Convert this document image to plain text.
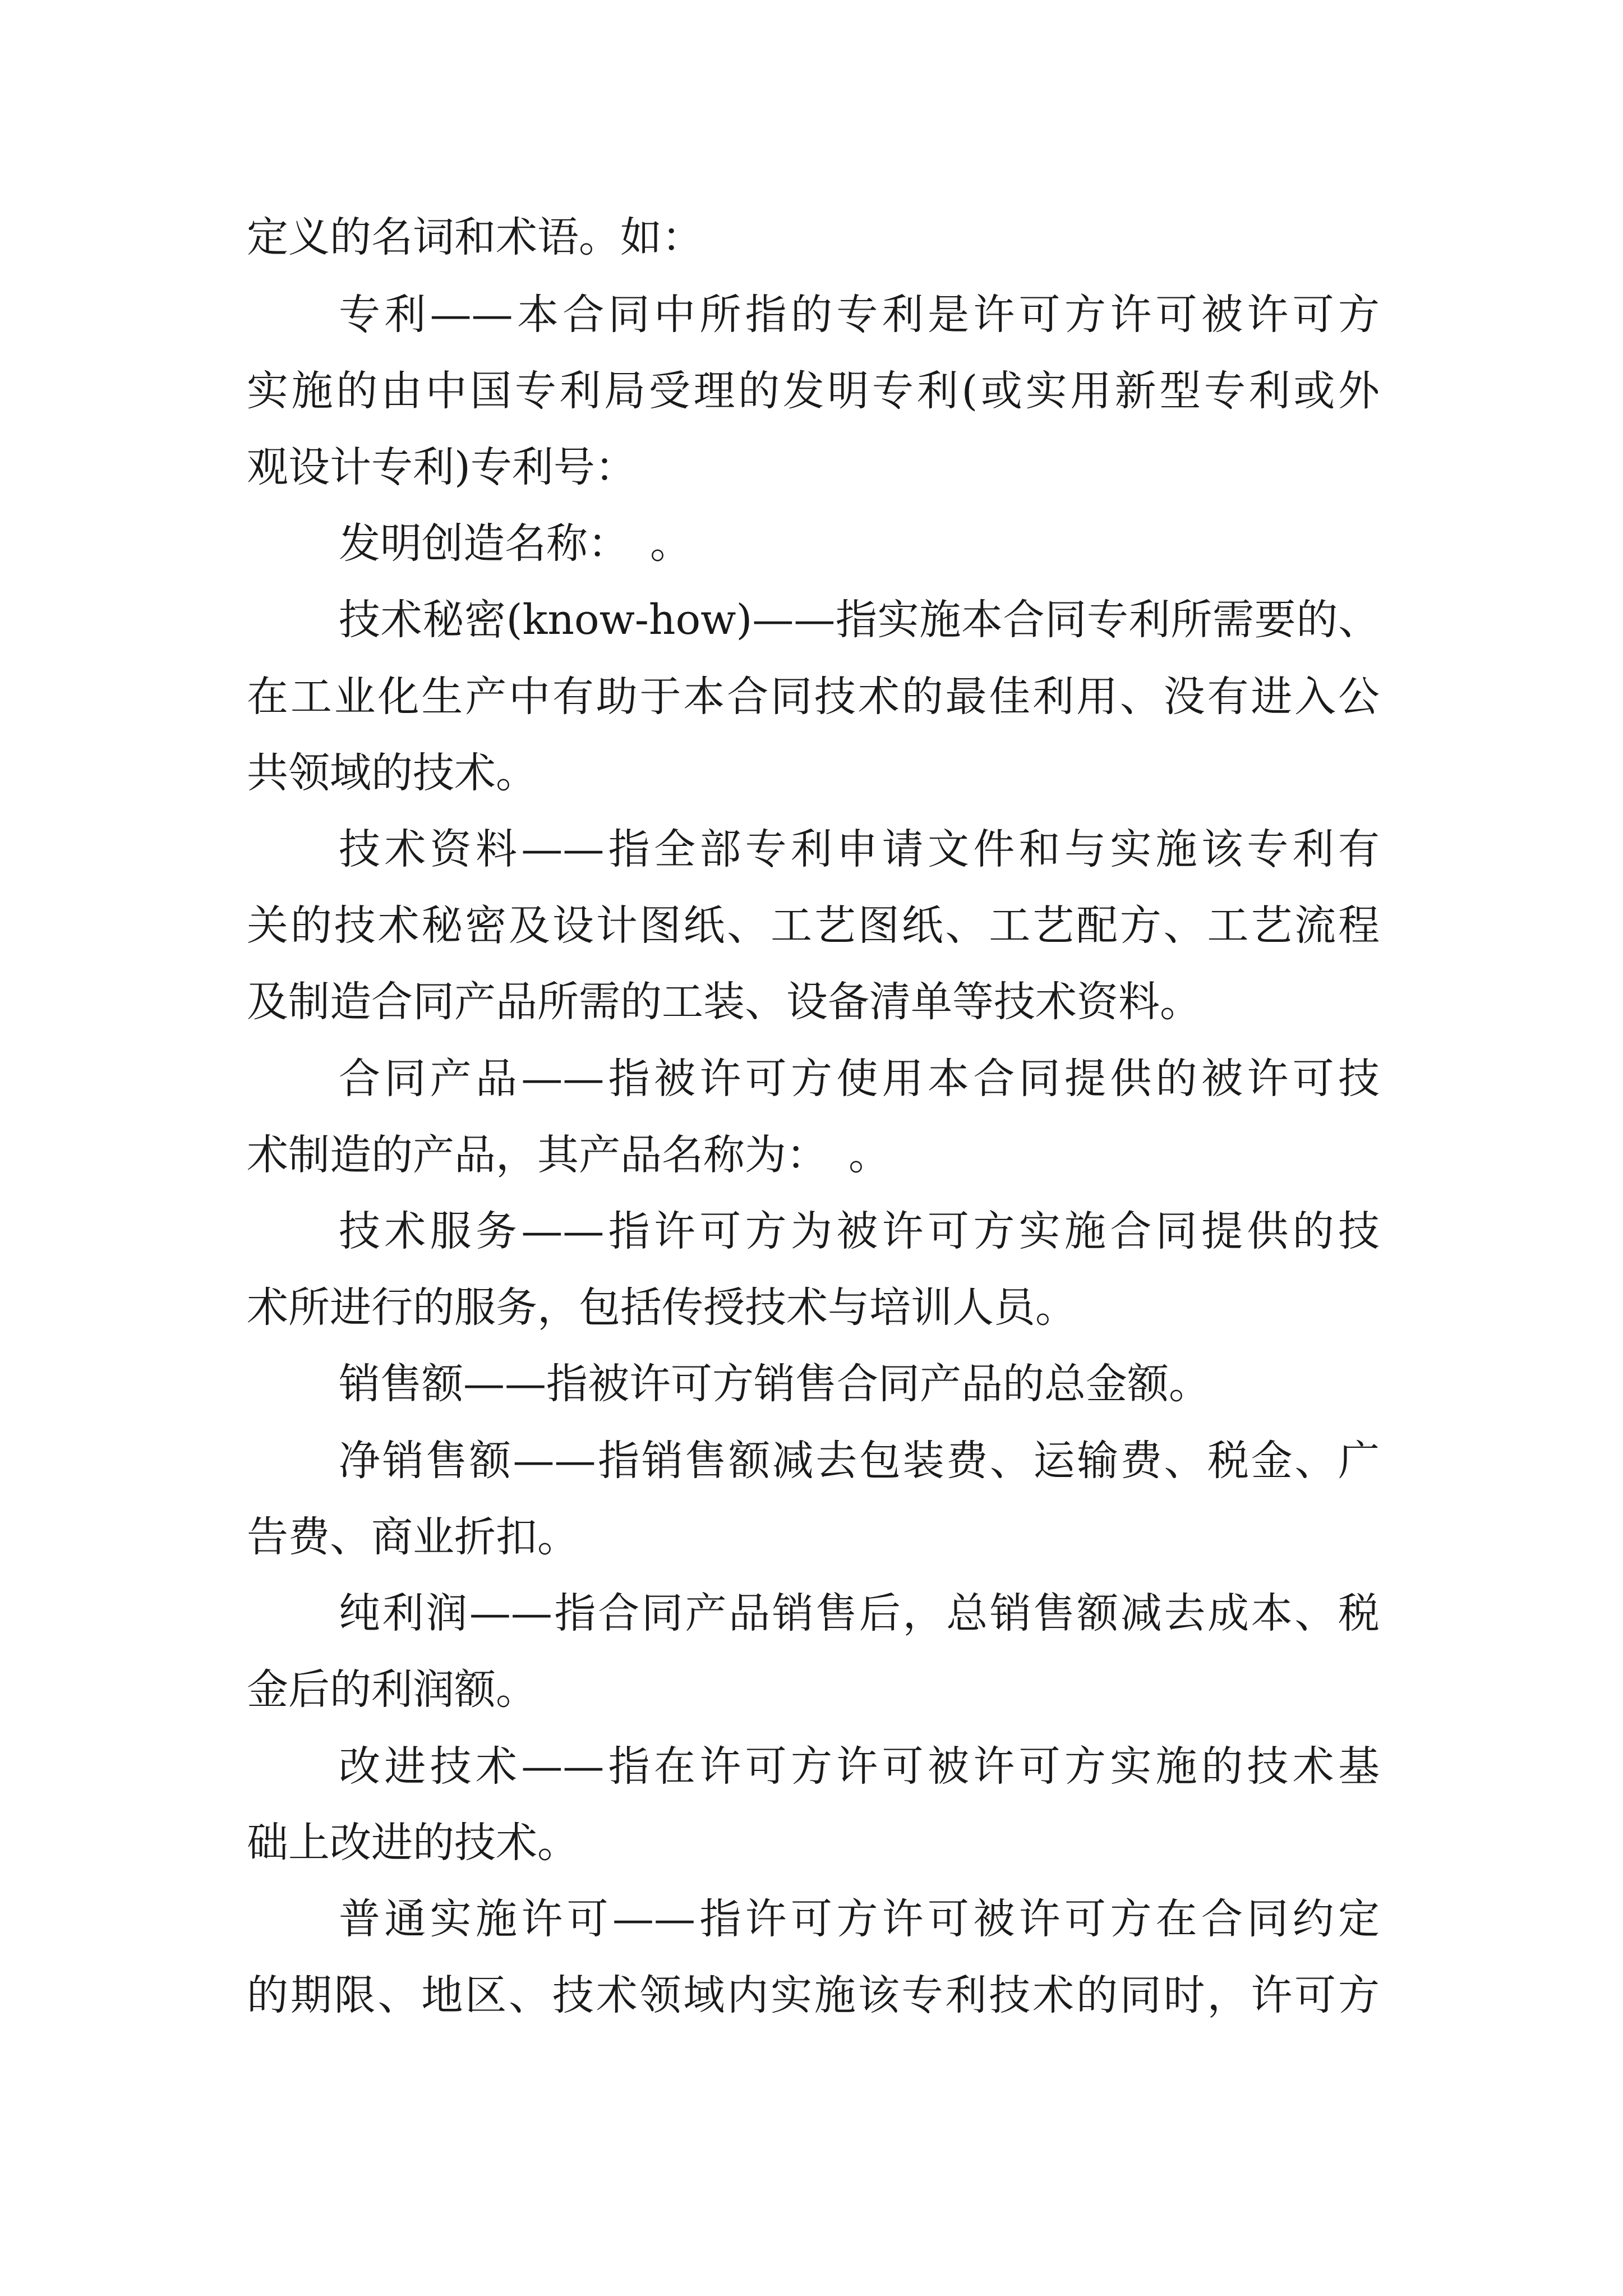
定义的名词和术语。如：
专利——本合同中所指的专利是许可方许可被许可方
实施的由中国专利局受理的发明专利(或实用新型专利或外
观设计专利)专利号：
发明创造名称：　。
技术秘密(know-how)——指实施本合同专利所需要的、
在工业化生产中有助于本合同技术的最佳利用、没有进入公
共领域的技术。
技术资料——指全部专利申请文件和与实施该专利有
关的技术秘密及设计图纸、工艺图纸、工艺配方、工艺流程
及制造合同产品所需的工装、设备清单等技术资料。
合同产品——指被许可方使用本合同提供的被许可技
术制造的产品，其产品名称为：　。
技术服务——指许可方为被许可方实施合同提供的技
术所进行的服务，包括传授技术与培训人员。
销售额——指被许可方销售合同产品的总金额。
净销售额——指销售额减去包装费、运输费、税金、广
告费、商业折扣。
纯利润——指合同产品销售后，总销售额减去成本、税
金后的利润额。
改进技术——指在许可方许可被许可方实施的技术基
础上改进的技术。
普通实施许可——指许可方许可被许可方在合同约定
的期限、地区、技术领域内实施该专利技术的同时，许可方
